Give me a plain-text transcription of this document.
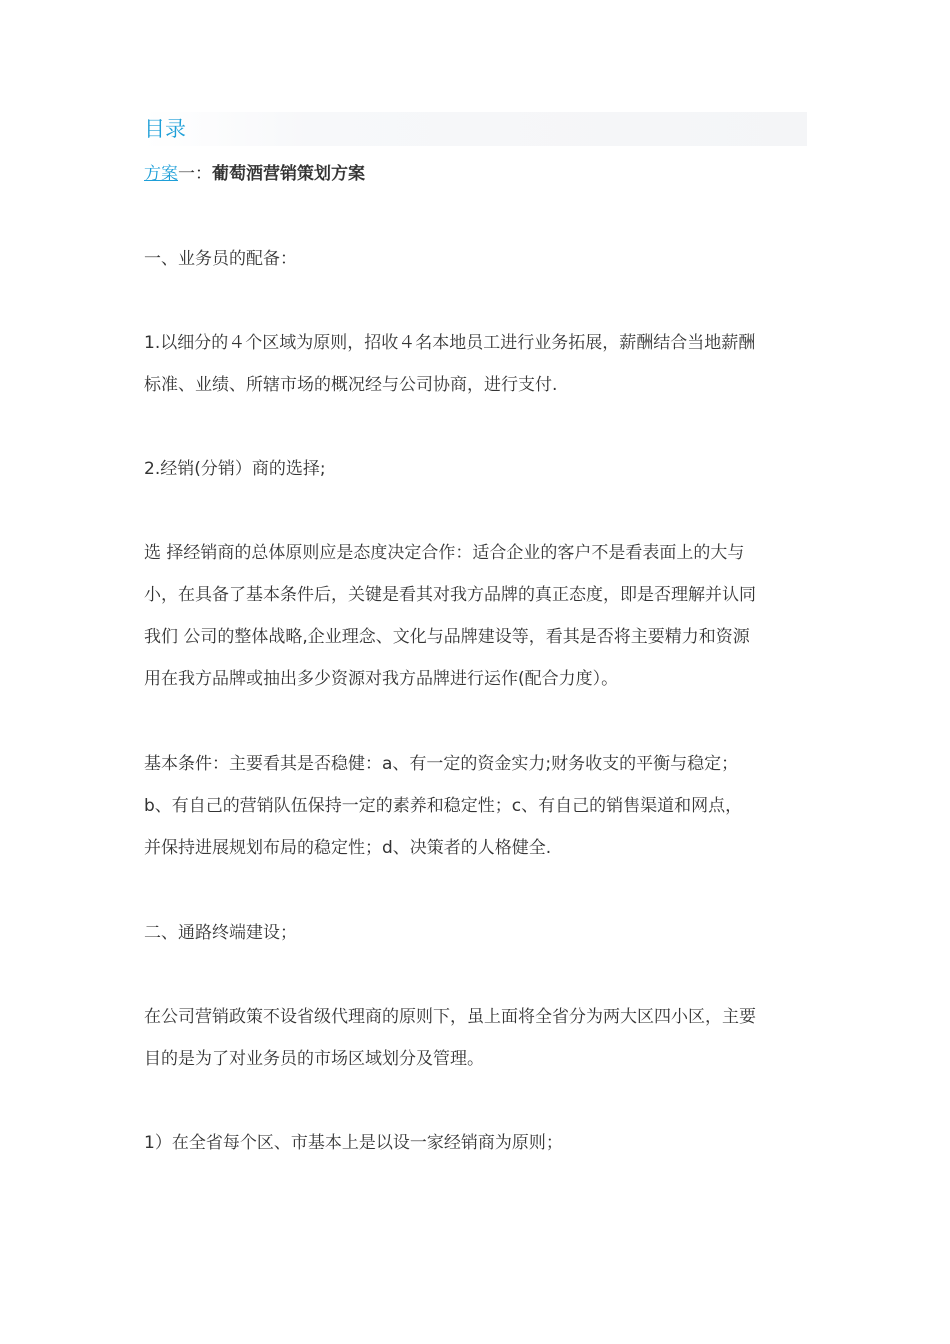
目录
方案一：葡萄酒营销策划方案
一、业务员的配备：
1.以细分的４个区域为原则，招收４名本地员工进行业务拓展，薪酬结合当地薪酬
标准、业绩、所辖市场的概况经与公司协商，进行支付.
2.经销(分销）商的选择;
选 择经销商的总体原则应是态度决定合作：适合企业的客户不是看表面上的大与
小，在具备了基本条件后，关键是看其对我方品牌的真正态度，即是否理解并认同
我们 公司的整体战略,企业理念、文化与品牌建设等，看其是否将主要精力和资源
用在我方品牌或抽出多少资源对我方品牌进行运作(配合力度）。
基本条件：主要看其是否稳健：a、有一定的资金实力;财务收支的平衡与稳定；
b、有自己的营销队伍保持一定的素养和稳定性；c、有自己的销售渠道和网点，
并保持进展规划布局的稳定性；d、决策者的人格健全.
二、通路终端建设；
在公司营销政策不设省级代理商的原则下，虽上面将全省分为两大区四小区，主要
目的是为了对业务员的市场区域划分及管理。
1）在全省每个区、市基本上是以设一家经销商为原则；
